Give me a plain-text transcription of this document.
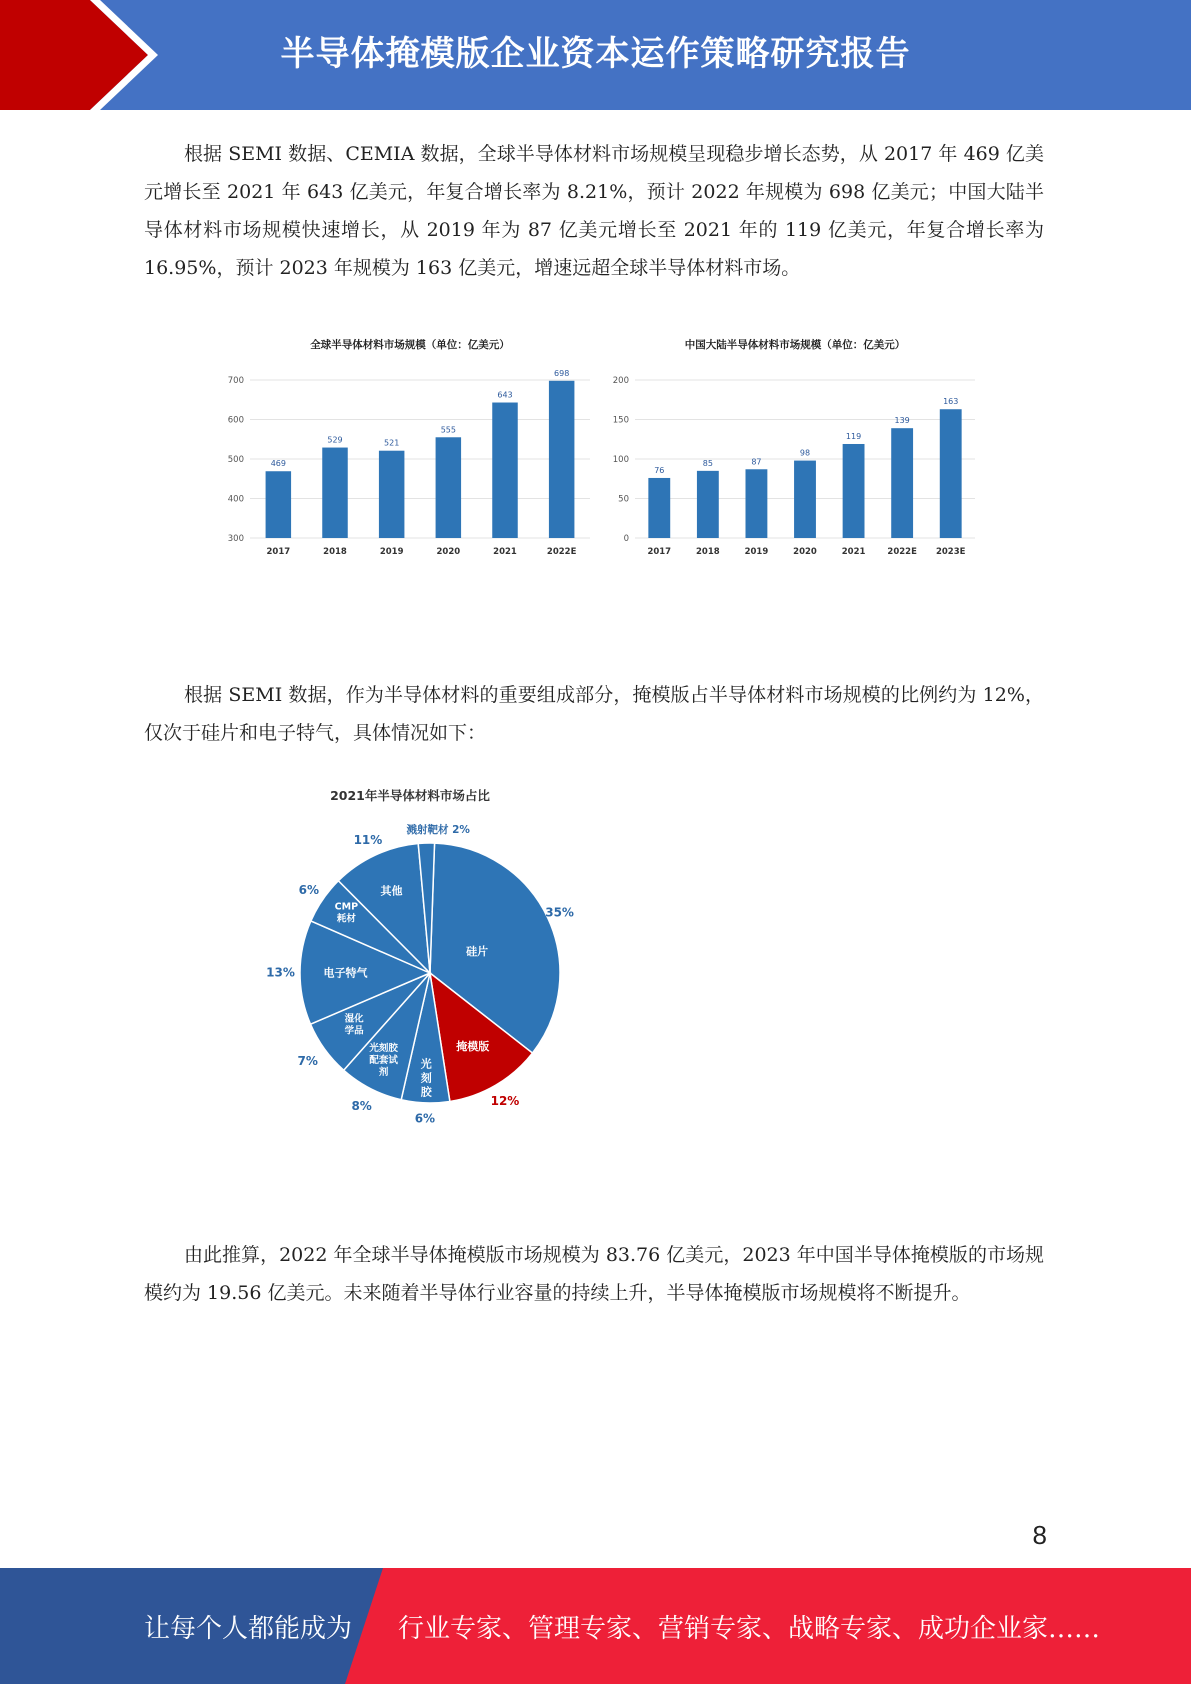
半导体掩模版企业资本运作策略研究报告

根据 SEMI 数据、CEMIA 数据，全球半导体材料市场规模呈现稳步增长态势，从 2017 年 469 亿美元增长至 2021 年 643 亿美元，年复合增长率为 8.21%，预计 2022 年规模为 698 亿美元；中国大陆半导体材料市场规模快速增长，从 2019 年为 87 亿美元增长至 2021 年的 119 亿美元，年复合增长率为 16.95%，预计 2023 年规模为 163 亿美元，增速远超全球半导体材料市场。

全球半导体材料市场规模（单位：亿美元）
300
400
500
600
700
469
2017
529
2018
521
2019
555
2020
643
2021
698
2022E
中国大陆半导体材料市场规模（单位：亿美元）
0
50
100
150
200
76
2017
85
2018
87
2019
98
2020
119
2021
139
2022E
163
2023E

根据 SEMI 数据，作为半导体材料的重要组成部分，掩模版占半导体材料市场规模的比例约为 12%，仅次于硅片和电子特气，具体情况如下：

2021年半导体材料市场占比
硅片
35%
掩模版
12%
光刻胶
6%
光刻胶配套试剂
8%
湿化学品
7%
电子特气
13%
CMP 耗材
6%	其他
11%
溅射靶材 2%

由此推算，2022 年全球半导体掩模版市场规模为 83.76 亿美元，2023 年中国半导体掩模版的市场规模约为 19.56 亿美元。未来随着半导体行业容量的持续上升，半导体掩模版市场规模将不断提升。

8
让每个人都能成为 行业专家、管理专家、营销专家、战略专家、成功企业家……
